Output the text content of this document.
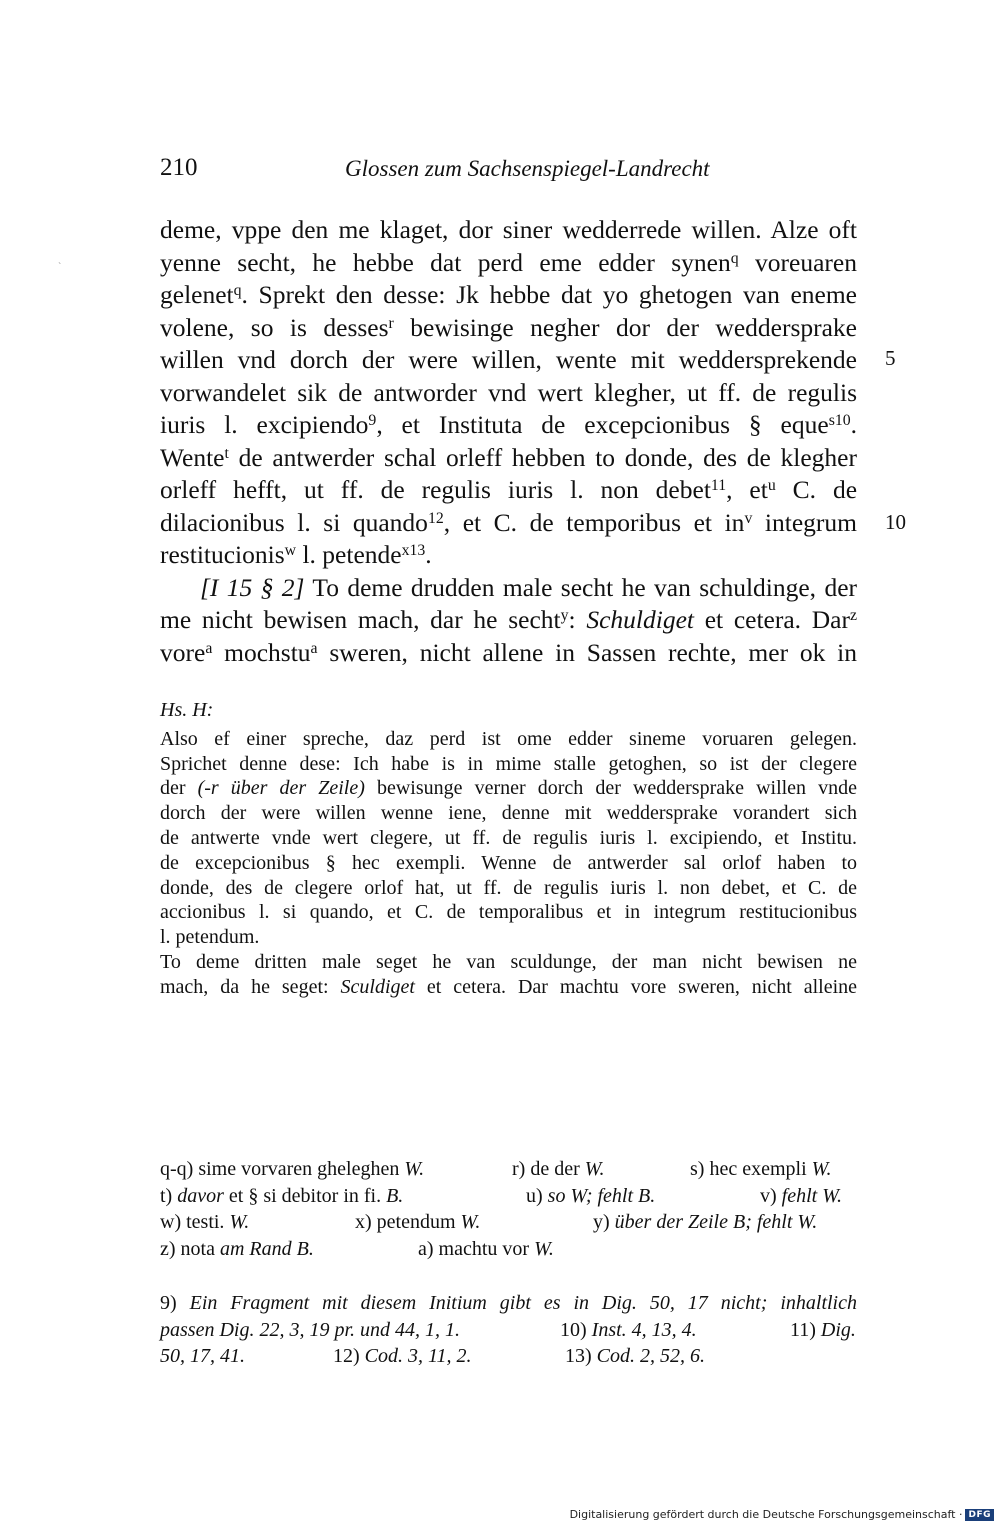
210	Glossen zum Sachsenspiegel-Landrecht
`
deme, vppe den me klaget, dor siner wedderrede willen. Alze oft
yenne secht, he hebbe dat perd eme edder synen$^q$ voreuaren
gelenet$^q$. Sprekt den desse: Jk hebbe dat yo ghetogen van eneme
volene, so is desses$^r$ bewisinge negher dor der weddersprake
willen vnd dorch der were willen, wente mit weddersprekende
vorwandelet sik de antworder vnd wert klegher, ut ff. de regulis
iuris l. excipiendo$^9$, et Instituta de excepcionibus § eque$^{s10}$.
Wente$^t$ de antwerder schal orleff hebben to donde, des de klegher
orleff hefft, ut ff. de regulis iuris l. non debet$^{11}$, $et^u$ C. de
dilacionibus l. si quando$^{12}$, et C. de temporibus et $in^v$ integrum
restitucionis$^w$ l. petende$^{x13}$.
[I 15 § 2] To deme drudden male secht he van schuldinge, der
me nicht bewisen mach, dar he secht$^y$: Schuldiget et cetera. Dar$^z$
vore$^a$ mochstu$^a$ sweren, nicht allene in Sassen rechte, mer ok in
5
10
Hs. H:
Also ef einer spreche, daz perd ist ome edder sineme voruaren gelegen.
Sprichet denne dese: Ich habe is in mime stalle getoghen, so ist der clegere
der (-r über der Zeile) bewisunge verner dorch der weddersprake willen vnde
dorch der were willen wenne iene, denne mit weddersprake vorandert sich
de antwerte vnde wert clegere, ut ff. de regulis iuris l. excipiendo, et Institu.
de excepcionibus § hec exempli. Wenne de antwerder sal orlof haben to
donde, des de clegere orlof hat, ut ff. de regulis iuris l. non debet, et C. de
accionibus l. si quando, et C. de temporalibus et in integrum restitucionibus
l. petendum.
To deme dritten male seget he van sculdunge, der man nicht bewisen ne
mach, da he seget: Sculdiget et cetera. Dar machtu vore sweren, nicht alleine
q-q) sime vorvaren gheleghen W.	r) de der W.	s) hec exempli W.
t) davor et § si debitor in fi. B.	u) so W; fehlt B.	v) fehlt W.
w) testi. W.	x) petendum W.	y) über der Zeile B; fehlt W.
z) nota am Rand B.	a) machtu vor W.
9) Ein Fragment mit diesem Initium gibt es in Dig. 50, 17 nicht; inhaltlich
passen Dig. 22, 3, 19 pr. und 44, 1, 1.	10) Inst. 4, 13, 4.	11) Dig.
50, 17, 41.	12) Cod. 3, 11, 2.	13) Cod. 2, 52, 6.
Digitalisierung gefördert durch die Deutsche Forschungsgemeinschaft · DFG
